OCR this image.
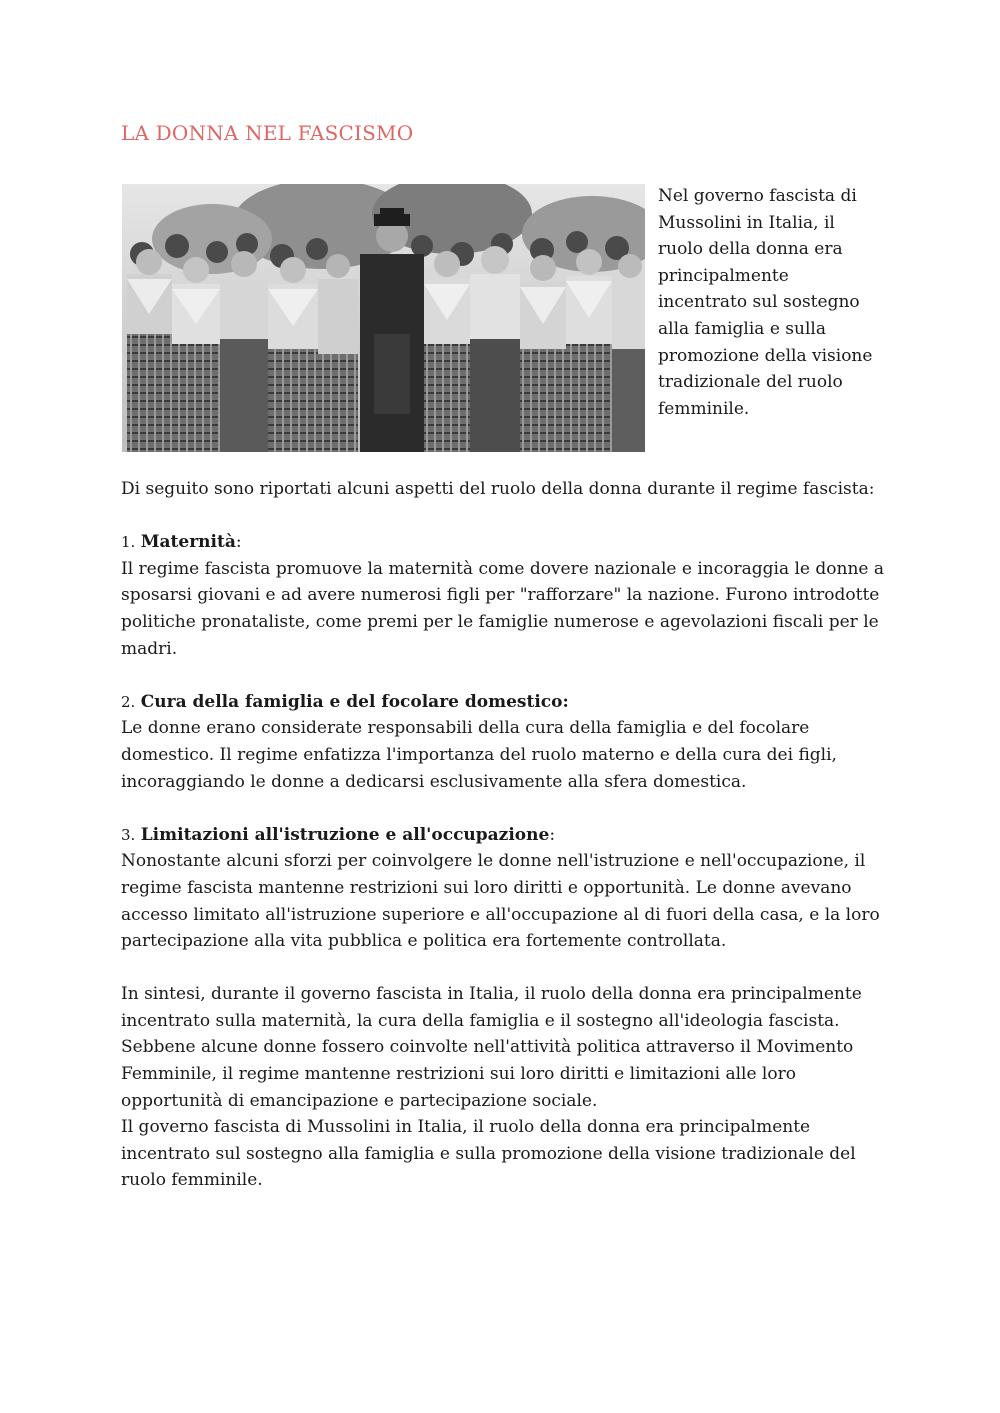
LA DONNA NEL FASCISMO

Nel governo fascista di Mussolini in Italia, il ruolo della donna era principalmente incentrato sul sostegno alla famiglia e sulla promozione della visione tradizionale del ruolo femminile.

Di seguito sono riportati alcuni aspetti del ruolo della donna durante il regime fascista:

1. Maternità:

Il regime fascista promuove la maternità come dovere nazionale e incoraggia le donne a sposarsi giovani e ad avere numerosi figli per "rafforzare" la nazione. Furono introdotte politiche pronataliste, come premi per le famiglie numerose e agevolazioni fiscali per le madri.

2. Cura della famiglia e del focolare domestico:

Le donne erano considerate responsabili della cura della famiglia e del focolare domestico. Il regime enfatizza l'importanza del ruolo materno e della cura dei figli, incoraggiando le donne a dedicarsi esclusivamente alla sfera domestica.

3. Limitazioni all'istruzione e all'occupazione:

Nonostante alcuni sforzi per coinvolgere le donne nell'istruzione e nell'occupazione, il regime fascista mantenne restrizioni sui loro diritti e opportunità. Le donne avevano accesso limitato all'istruzione superiore e all'occupazione al di fuori della casa, e la loro partecipazione alla vita pubblica e politica era fortemente controllata.

In sintesi, durante il governo fascista in Italia, il ruolo della donna era principalmente incentrato sulla maternità, la cura della famiglia e il sostegno all'ideologia fascista.

Sebbene alcune donne fossero coinvolte nell'attività politica attraverso il Movimento Femminile, il regime mantenne restrizioni sui loro diritti e limitazioni alle loro opportunità di emancipazione e partecipazione sociale.

Il governo fascista di Mussolini in Italia, il ruolo della donna era principalmente incentrato sul sostegno alla famiglia e sulla promozione della visione tradizionale del ruolo femminile.
